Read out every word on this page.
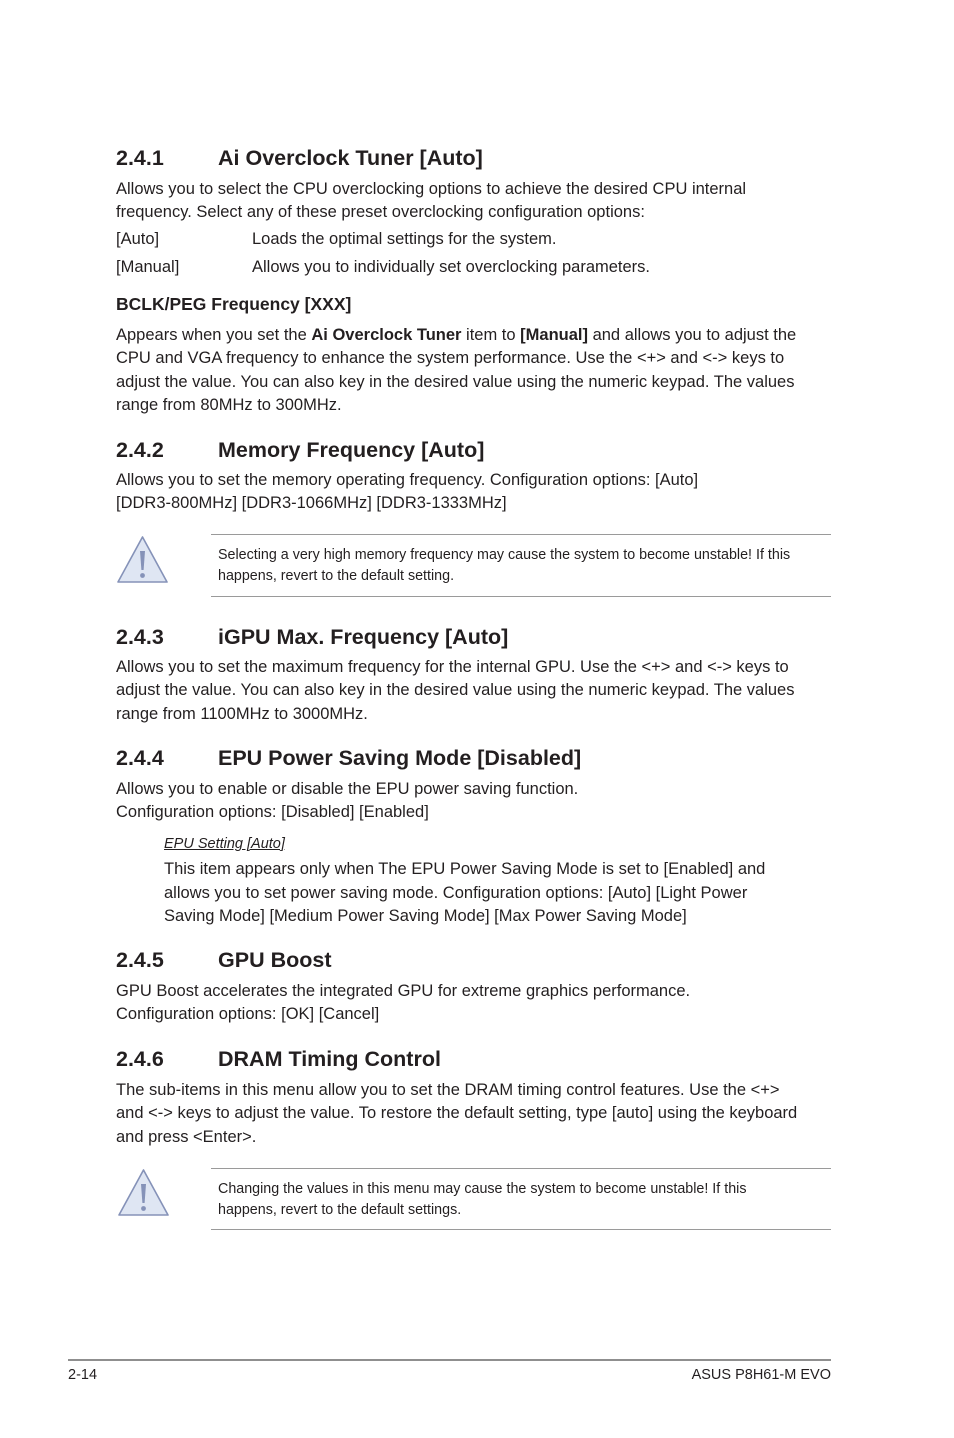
2.4.1	Ai Overclock Tuner [Auto]
Allows you to select the CPU overclocking options to achieve the desired CPU internal
frequency. Select any of these preset overclocking configuration options:
[Auto]	Loads the optimal settings for the system.
[Manual]	Allows you to individually set overclocking parameters.
BCLK/PEG Frequency [XXX]
Appears when you set the Ai Overclock Tuner item to [Manual] and allows you to adjust the
CPU and VGA frequency to enhance the system performance. Use the <+> and <-> keys to
adjust the value. You can also key in the desired value using the numeric keypad. The values
range from 80MHz to 300MHz.
2.4.2	Memory Frequency [Auto]
Allows you to set the memory operating frequency. Configuration options: [Auto]
[DDR3-800MHz] [DDR3-1066MHz] [DDR3-1333MHz]
Selecting a very high memory frequency may cause the system to become unstable! If this
happens, revert to the default setting.
2.4.3	iGPU Max. Frequency [Auto]
Allows you to set the maximum frequency for the internal GPU. Use the <+> and <-> keys to
adjust the value. You can also key in the desired value using the numeric keypad. The values
range from 1100MHz to 3000MHz.
2.4.4	EPU Power Saving Mode [Disabled]
Allows you to enable or disable the EPU power saving function.
Configuration options: [Disabled] [Enabled]
EPU Setting [Auto]
This item appears only when The EPU Power Saving Mode is set to [Enabled] and
allows you to set power saving mode. Configuration options: [Auto] [Light Power
Saving Mode] [Medium Power Saving Mode] [Max Power Saving Mode]
2.4.5	GPU Boost
GPU Boost accelerates the integrated GPU for extreme graphics performance.
Configuration options: [OK] [Cancel]
2.4.6	DRAM Timing Control
The sub-items in this menu allow you to set the DRAM timing control features. Use the <+>
and <-> keys to adjust the value. To restore the default setting, type [auto] using the keyboard
and press <Enter>.
Changing the values in this menu may cause the system to become unstable! If this
happens, revert to the default settings.
2-14	ASUS P8H61-M EVO
